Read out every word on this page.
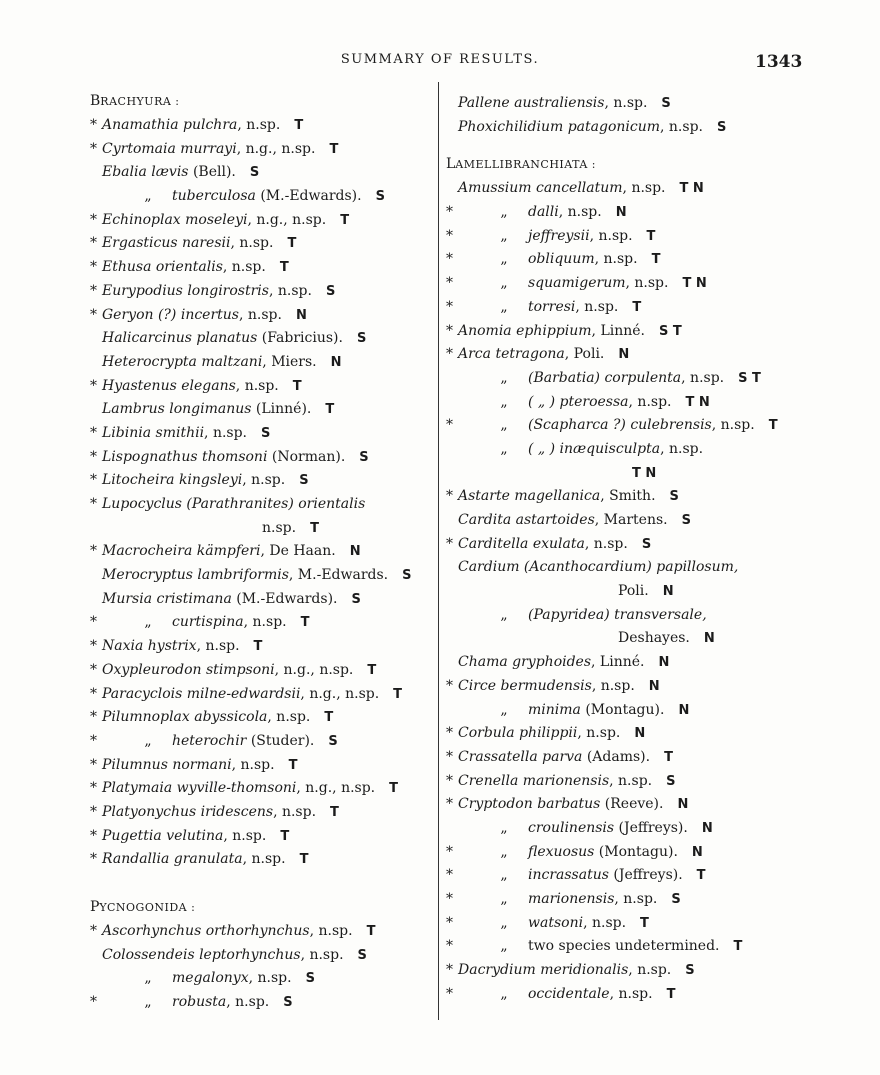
SUMMARY OF RESULTS.	1343
BRACHYURA :
* Anamathia pulchra, n.sp.  T
* Cyrtomaia murrayi, n.g., n.sp.  T
Ebalia lævis (Bell).  S
„ tuberculosa (M.-Edwards).  S
* Echinoplax moseleyi, n.g., n.sp.  T
* Ergasticus naresii, n.sp.  T
* Ethusa orientalis, n.sp.  T
* Eurypodius longirostris, n.sp.  S
* Geryon (?) incertus, n.sp.  N
Halicarcinus planatus (Fabricius).  S
Heterocrypta maltzani, Miers.  N
* Hyastenus elegans, n.sp.  T
Lambrus longimanus (Linné).  T
* Libinia smithii, n.sp.  S
* Lispognathus thomsoni (Norman).  S
* Litocheira kingsleyi, n.sp.  S
* Lupocyclus (Parathranites) orientalis
n.sp.  T
* Macrocheira kämpferi, De Haan.  N
Merocryptus lambriformis, M.-Edwards.  S
Mursia cristimana (M.-Edwards).  S
*	„ curtispina, n.sp.  T
* Naxia hystrix, n.sp.  T
* Oxypleurodon stimpsoni, n.g., n.sp.  T
* Paracyclois milne-edwardsii, n.g., n.sp.  T
* Pilumnoplax abyssicola, n.sp.  T
*	„ heterochir (Studer).  S
* Pilumnus normani, n.sp.  T
* Platymaia wyville-thomsoni, n.g., n.sp.  T
* Platyonychus iridescens, n.sp.  T
* Pugettia velutina, n.sp.  T
* Randallia granulata, n.sp.  T
PYCNOGONIDA :
* Ascorhynchus orthorhynchus, n.sp.  T
Colossendeis leptorhynchus, n.sp.  S
„ megalonyx, n.sp.  S
*	„ robusta, n.sp.  S
Pallene australiensis, n.sp.  S
Phoxichilidium patagonicum, n.sp.  S
LAMELLIBRANCHIATA :
Amussium cancellatum, n.sp.  T N
*	„ dalli, n.sp.  N
*	„ jeffreysii, n.sp.  T
*	„ obliquum, n.sp.  T
*	„ squamigerum, n.sp.  T N
*	„ torresi, n.sp.  T
* Anomia ephippium, Linné.  S T
* Arca tetragona, Poli.  N
„ (Barbatia) corpulenta, n.sp.  S T
„ ( „ ) pteroessa, n.sp.  T N
*	„ (Scapharca ?) culebrensis, n.sp.  T
„ ( „ ) inæquisculpta, n.sp.
 T N
* Astarte magellanica, Smith.  S
Cardita astartoides, Martens.  S
* Carditella exulata, n.sp.  S
Cardium (Acanthocardium) papillosum,
Poli.  N
„ (Papyridea) transversale,
Deshayes.  N
Chama gryphoides, Linné.  N
* Circe bermudensis, n.sp.  N
„ minima (Montagu).  N
* Corbula philippii, n.sp.  N
* Crassatella parva (Adams).  T
* Crenella marionensis, n.sp.  S
* Cryptodon barbatus (Reeve).  N
„ croulinensis (Jeffreys).  N
*	„ flexuosus (Montagu).  N
*	„ incrassatus (Jeffreys).  T
*	„ marionensis, n.sp.  S
*	„ watsoni, n.sp.  T
*	„ two species undetermined.  T
* Dacrydium meridionalis, n.sp.  S
*	„ occidentale, n.sp.  T
